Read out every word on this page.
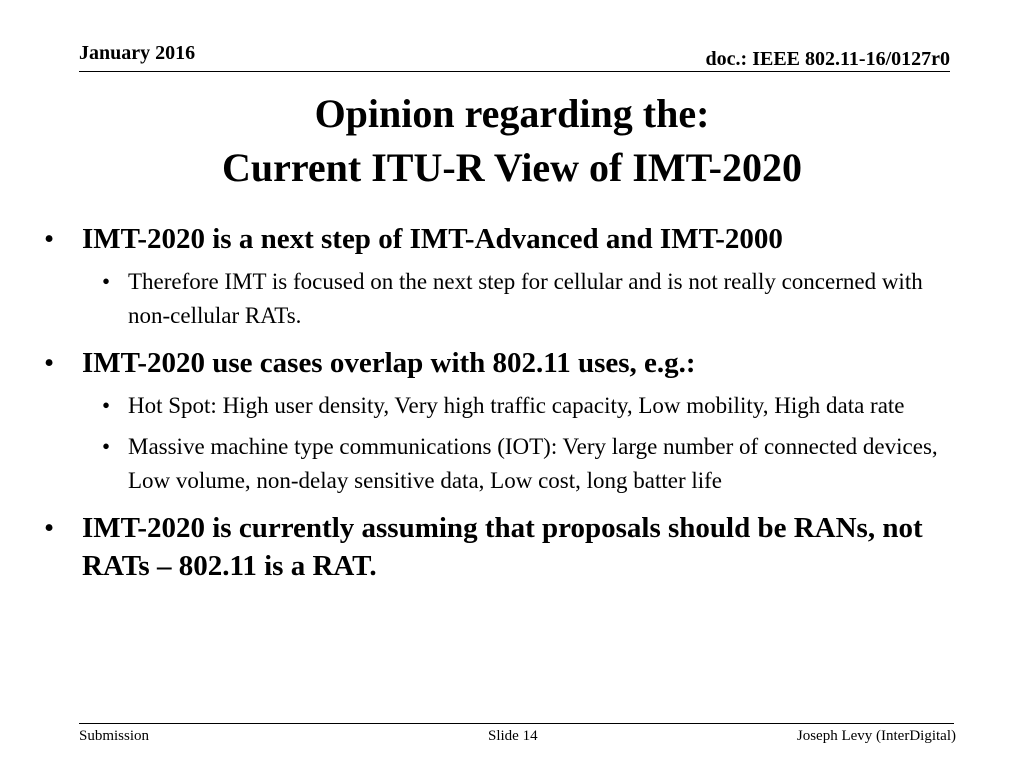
January 2016	doc.: IEEE 802.11-16/0127r0
Opinion regarding the:
Current ITU-R View of IMT-2020
• IMT-2020 is a next step of IMT-Advanced and IMT-2000
• Therefore IMT is focused on the next step for cellular and is not really concerned with non-cellular RATs.
• IMT-2020 use cases overlap with 802.11 uses, e.g.:
• Hot Spot: High user density, Very high traffic capacity, Low mobility, High data rate
• Massive machine type communications (IOT): Very large number of connected devices, Low volume, non-delay sensitive data, Low cost, long batter life
• IMT-2020 is currently assuming that proposals should be RANs, not RATs – 802.11 is a RAT.
Submission	Slide 14	Joseph Levy (InterDigital)
